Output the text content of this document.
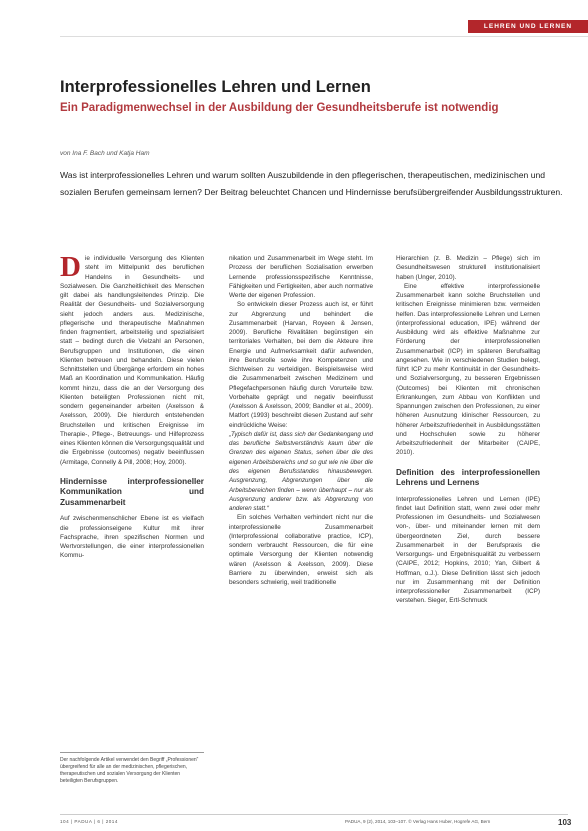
LEHREN UND LERNEN
Interprofessionelles Lehren und Lernen
Ein Paradigmenwechsel in der Ausbildung der Gesundheitsberufe ist notwendig
von Ina F. Bach und Katja Ham
Was ist interprofessionelles Lehren und warum sollten Auszubildende in den pflegerischen, therapeutischen, medizinischen und sozialen Berufen gemeinsam lernen? Der Beitrag beleuchtet Chancen und Hindernisse berufsübergreifender Ausbildungsstrukturen.
D ie individuelle Versorgung des Klienten steht im Mittelpunkt des beruflichen Handelns in Gesundheits- und Sozialwesen. Die Ganzheitlichkeit des Menschen gilt dabei als handlungsleitendes Prinzip. Die Realität der Gesundheits- und Sozialversorgung sieht jedoch anders aus. Medizinische, pflegerische und therapeutische Maßnahmen finden fragmentiert, arbeitsteilig und spezialisiert statt – bedingt durch die Vielzahl an Personen, Berufsgruppen und Institutionen, die einen Klienten betreuen und behandeln. Diese vielen Schnittstellen und Übergänge erfordern ein hohes Maß an Koordination und Kommunikation. Häufig kommt hinzu, dass die an der Versorgung des Klienten beteiligten Professionen nicht mit, sondern gegeneinander arbeiten (Axelsson & Axelsson, 2009). Die hierdurch entstehenden Bruchstellen und kritischen Ereignisse im Therapie-, Pflege-, Betreuungs- und Hilfeprozess eines Klienten können die Versorgungsqualität und die Ergebnisse (outcomes) negativ beeinflussen (Armitage, Connelly & Pill, 2008; Hoy, 2000).

Hindernisse interprofessioneller Kommunikation und Zusammenarbeit

Auf zwischenmenschlicher Ebene ist es vielfach die professionseigene Kultur mit ihrer Fachsprache, ihren spezifischen Normen und Wertvorstellungen, die einer interprofessionellen Kommu-

nikation und Zusammenarbeit im Wege steht. Im Prozess der beruflichen Sozialisation erwerben Lernende professionsspezifische Kenntnisse, Fähigkeiten und Fertigkeiten, aber auch normative Werte der eigenen Profession.

So entwickeln dieser Prozess auch ist, er führt zur Abgrenzung und behindert die Zusammenarbeit (Harvan, Royeen & Jensen, 2009). Berufliche Rivalitäten begünstigen ein territoriales Verhalten, bei dem die Akteure ihre Energie und Aufmerksamkeit dafür aufwenden, ihre Berufsrolle sowie ihre Kompetenzen und Sichtweisen zu verteidigen. Beispielsweise wird die Zusammenarbeit zwischen Medizinern und Pflegefachpersonen häufig durch Vorurteile bzw. Vorbehalte geprägt und negativ beeinflusst (Axelsson & Axelsson, 2009; Bandler et al., 2009). Matfort (1993) beschreibt diesen Zustand auf sehr eindrückliche Weise:

„Typisch dafür ist, dass sich der Gedankengang und das berufliche Selbstverständnis kaum über die Grenzen des eigenen Status, sehen über die des eigenen Arbeitsbereichs und so gut wie nie über die des eigenen Berufsstandes hinausbewegen. Ausgrenzung, Abgrenzungen über die Arbeitsbereichen finden – wenn überhaupt – nur als Ausgrenzung anderer bzw. als Abgrenzung von anderen statt.“

Ein solches Verhalten verhindert nicht nur die interprofessionelle Zusammenarbeit (Interprofessional collaborative practice, ICP), sondern verbraucht Ressourcen, die für eine optimale Versorgung der Klienten notwendig wären (Axelsson & Axelsson, 2009). Diese Barriere zu überwinden, erweist sich als besonders schwierig, weil traditionelle

Hierarchien (z. B. Medizin – Pflege) sich im Gesundheitswesen strukturell institutionalisiert haben (Unger, 2010).

Eine effektive interprofessionelle Zusammenarbeit kann solche Bruchstellen und kritischen Ereignisse minimieren bzw. vermeiden helfen. Das interprofessionelle Lehren und Lernen (interprofessional education, IPE) während der Ausbildung wird als effektive Maßnahme zur Förderung der interprofessionellen Zusammenarbeit (ICP) im späteren Berufsalltag angesehen. Wie in verschiedenen Studien belegt, führt ICP zu mehr Kontinuität in der Gesundheits- und Sozialversorgung, zu besseren Ergebnissen (Outcomes) bei Klienten mit chronischen Erkrankungen, zum Abbau von Konflikten und Spannungen zwischen den Professionen, zu einer höheren Ausnutzung klinischer Ressourcen, zu höherer Arbeitszufriedenheit in Ausbildungsstätten und Hochschulen sowie zu höherer Arbeitszufriedenheit der Mitarbeiter (CAIPE, 2010).

Definition des interprofessionellen Lehrens und Lernens

Interprofessionelles Lehren und Lernen (IPE) findet laut Definition statt, wenn zwei oder mehr Professionen im Gesundheits- und Sozialwesen von-, über- und miteinander lernen mit dem übergeordneten Ziel, durch bessere Zusammenarbeit in der Berufspraxis die Versorgungs- und Ergebnisqualität zu verbessern (CAIPE, 2012; Hopkins, 2010; Yan, Gilbert & Hoffman, o.J.). Diese Definition lässt sich jedoch nur im Zusammenhang mit der Definition interprofessioneller Zusammenarbeit (ICP) verstehen. Sieger, Ertl-Schmuck

Der nachfolgende Artikel verwendet den Begriff „Professionen“ übergreifend für alle an der medizinischen, pflegerischen, therapeutischen und sozialen Versorgung der Klienten beteiligten Berufsgruppen.
104 | PADUA | 6 | 2014	PADUA, 9 (2), 2014, 103–107. © Verlag Hans Huber, Hogrefe AG, Bern	103
